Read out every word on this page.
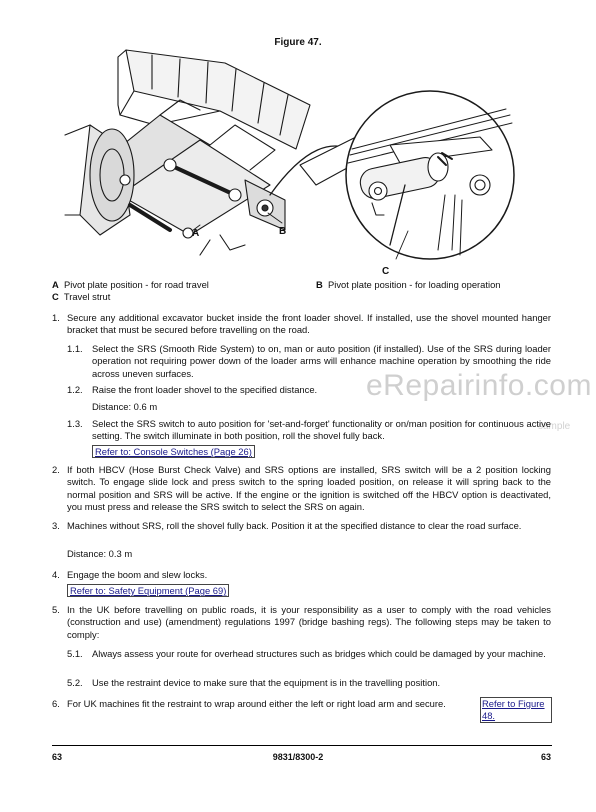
Figure 47.
A	B
C
A Pivot plate position - for road travel	B Pivot plate position - for loading operation
C Travel strut
eRepairinfo.com
sample
1. Secure any additional excavator bucket inside the front loader shovel. If installed, use the shovel mounted hanger bracket that must be secured before travelling on the road.
1.1. Select the SRS (Smooth Ride System) to on, man or auto position (if installed). Use of the SRS during loader operation not requiring power down of the loader arms will enhance machine operation by smoothing the ride across uneven surfaces.
1.2. Raise the front loader shovel to the specified distance.
Distance: 0.6 m
1.3. Select the SRS switch to auto position for 'set-and-forget' functionality or on/man position for continuous active setting. The switch illuminate in both position, roll the shovel fully back.
Refer to: Console Switches (Page 26)
2. If both HBCV (Hose Burst Check Valve) and SRS options are installed, SRS switch will be a 2 position locking switch. To engage slide lock and press switch to the spring loaded position, on release it will spring back to the normal position and SRS will be active. If the engine or the ignition is switched off the HBCV option is deactivated, you must press and release the SRS switch to select the SRS on again.
3. Machines without SRS, roll the shovel fully back. Position it at the specified distance to clear the road surface.
Distance: 0.3 m
4. Engage the boom and slew locks.
Refer to: Safety Equipment (Page 69)
5. In the UK before travelling on public roads, it is your responsibility as a user to comply with the road vehicles (construction and use) (amendment) regulations 1997 (bridge bashing regs). The following steps may be taken to comply:
5.1. Always assess your route for overhead structures such as bridges which could be damaged by your machine.
5.2. Use the restraint device to make sure that the equipment is in the travelling position.
6. For UK machines fit the restraint to wrap around either the left or right load arm and secure.	Refer to Figure 48.
63	9831/8300-2	63
